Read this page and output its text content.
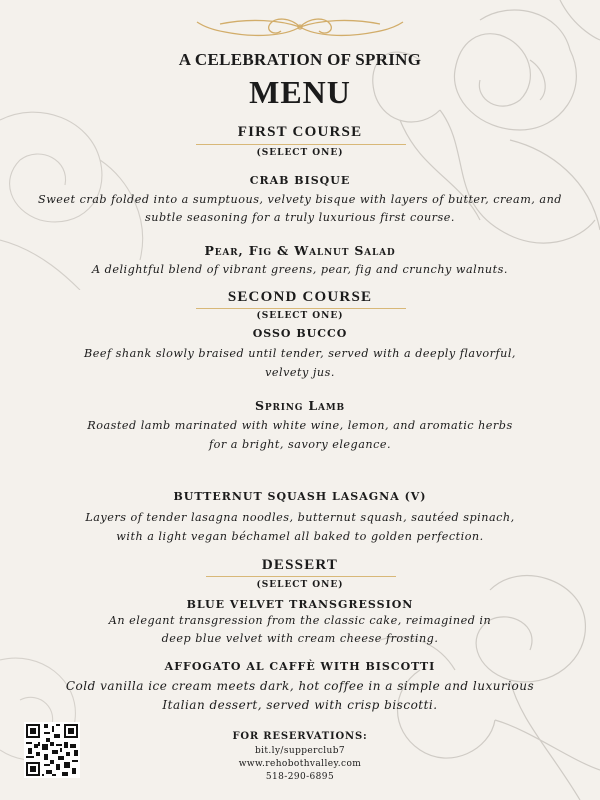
A CELEBRATION OF SPRING
MENU
FIRST COURSE
(SELECT ONE)
CRAB BISQUE
Sweet crab folded into a sumptuous, velvety bisque with layers of butter, cream, and
subtle seasoning for a truly luxurious first course.
Pear, Fig & Walnut Salad
A delightful blend of vibrant greens, pear, fig and crunchy walnuts.
SECOND COURSE
(SELECT ONE)
OSSO BUCCO
Beef shank slowly braised until tender, served with a deeply flavorful,
velvety jus.
Spring Lamb
Roasted lamb marinated with white wine, lemon, and aromatic herbs
for a bright, savory elegance.
BUTTERNUT SQUASH LASAGNA (V)
Layers of tender lasagna noodles, butternut squash, sautéed spinach,
with a light vegan béchamel all baked to golden perfection.
DESSERT
(SELECT ONE)
BLUE VELVET TRANSGRESSION
An elegant transgression from the classic cake, reimagined in
deep blue velvet with cream cheese frosting.
AFFOGATO AL CAFFÈ WITH BISCOTTI
Cold vanilla ice cream meets dark, hot coffee in a simple and luxurious
Italian dessert, served with crisp biscotti.
FOR RESERVATIONS:
bit.ly/supperclub7
www.rehobothvalley.com
518-290-6895
